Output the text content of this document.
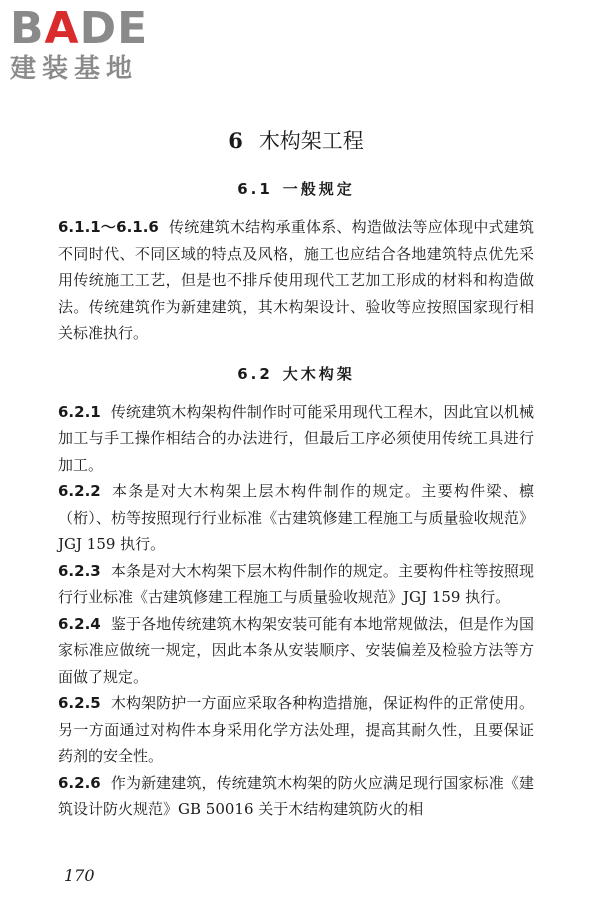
BADE
建装基地
6 木构架工程
6.1 一般规定

6.1.1～6.1.6 传统建筑木结构承重体系、构造做法等应体现中式建筑不同时代、不同区域的特点及风格，施工也应结合各地建筑特点优先采用传统施工工艺，但是也不排斥使用现代工艺加工形成的材料和构造做法。传统建筑作为新建建筑，其木构架设计、验收等应按照国家现行相关标准执行。

6.2 大木构架

6.2.1 传统建筑木构架构件制作时可能采用现代工程木，因此宜以机械加工与手工操作相结合的办法进行，但最后工序必须使用传统工具进行加工。

6.2.2 本条是对大木构架上层木构件制作的规定。主要构件梁、檩（桁）、枋等按照现行行业标准《古建筑修建工程施工与质量验收规范》JGJ 159 执行。

6.2.3 本条是对大木构架下层木构件制作的规定。主要构件柱等按照现行行业标准《古建筑修建工程施工与质量验收规范》JGJ 159 执行。

6.2.4 鉴于各地传统建筑木构架安装可能有本地常规做法，但是作为国家标准应做统一规定，因此本条从安装顺序、安装偏差及检验方法等方面做了规定。

6.2.5 木构架防护一方面应采取各种构造措施，保证构件的正常使用。另一方面通过对构件本身采用化学方法处理，提高其耐久性，且要保证药剂的安全性。

6.2.6 作为新建建筑，传统建筑木构架的防火应满足现行国家标准《建筑设计防火规范》GB 50016 关于木结构建筑防火的相

170
